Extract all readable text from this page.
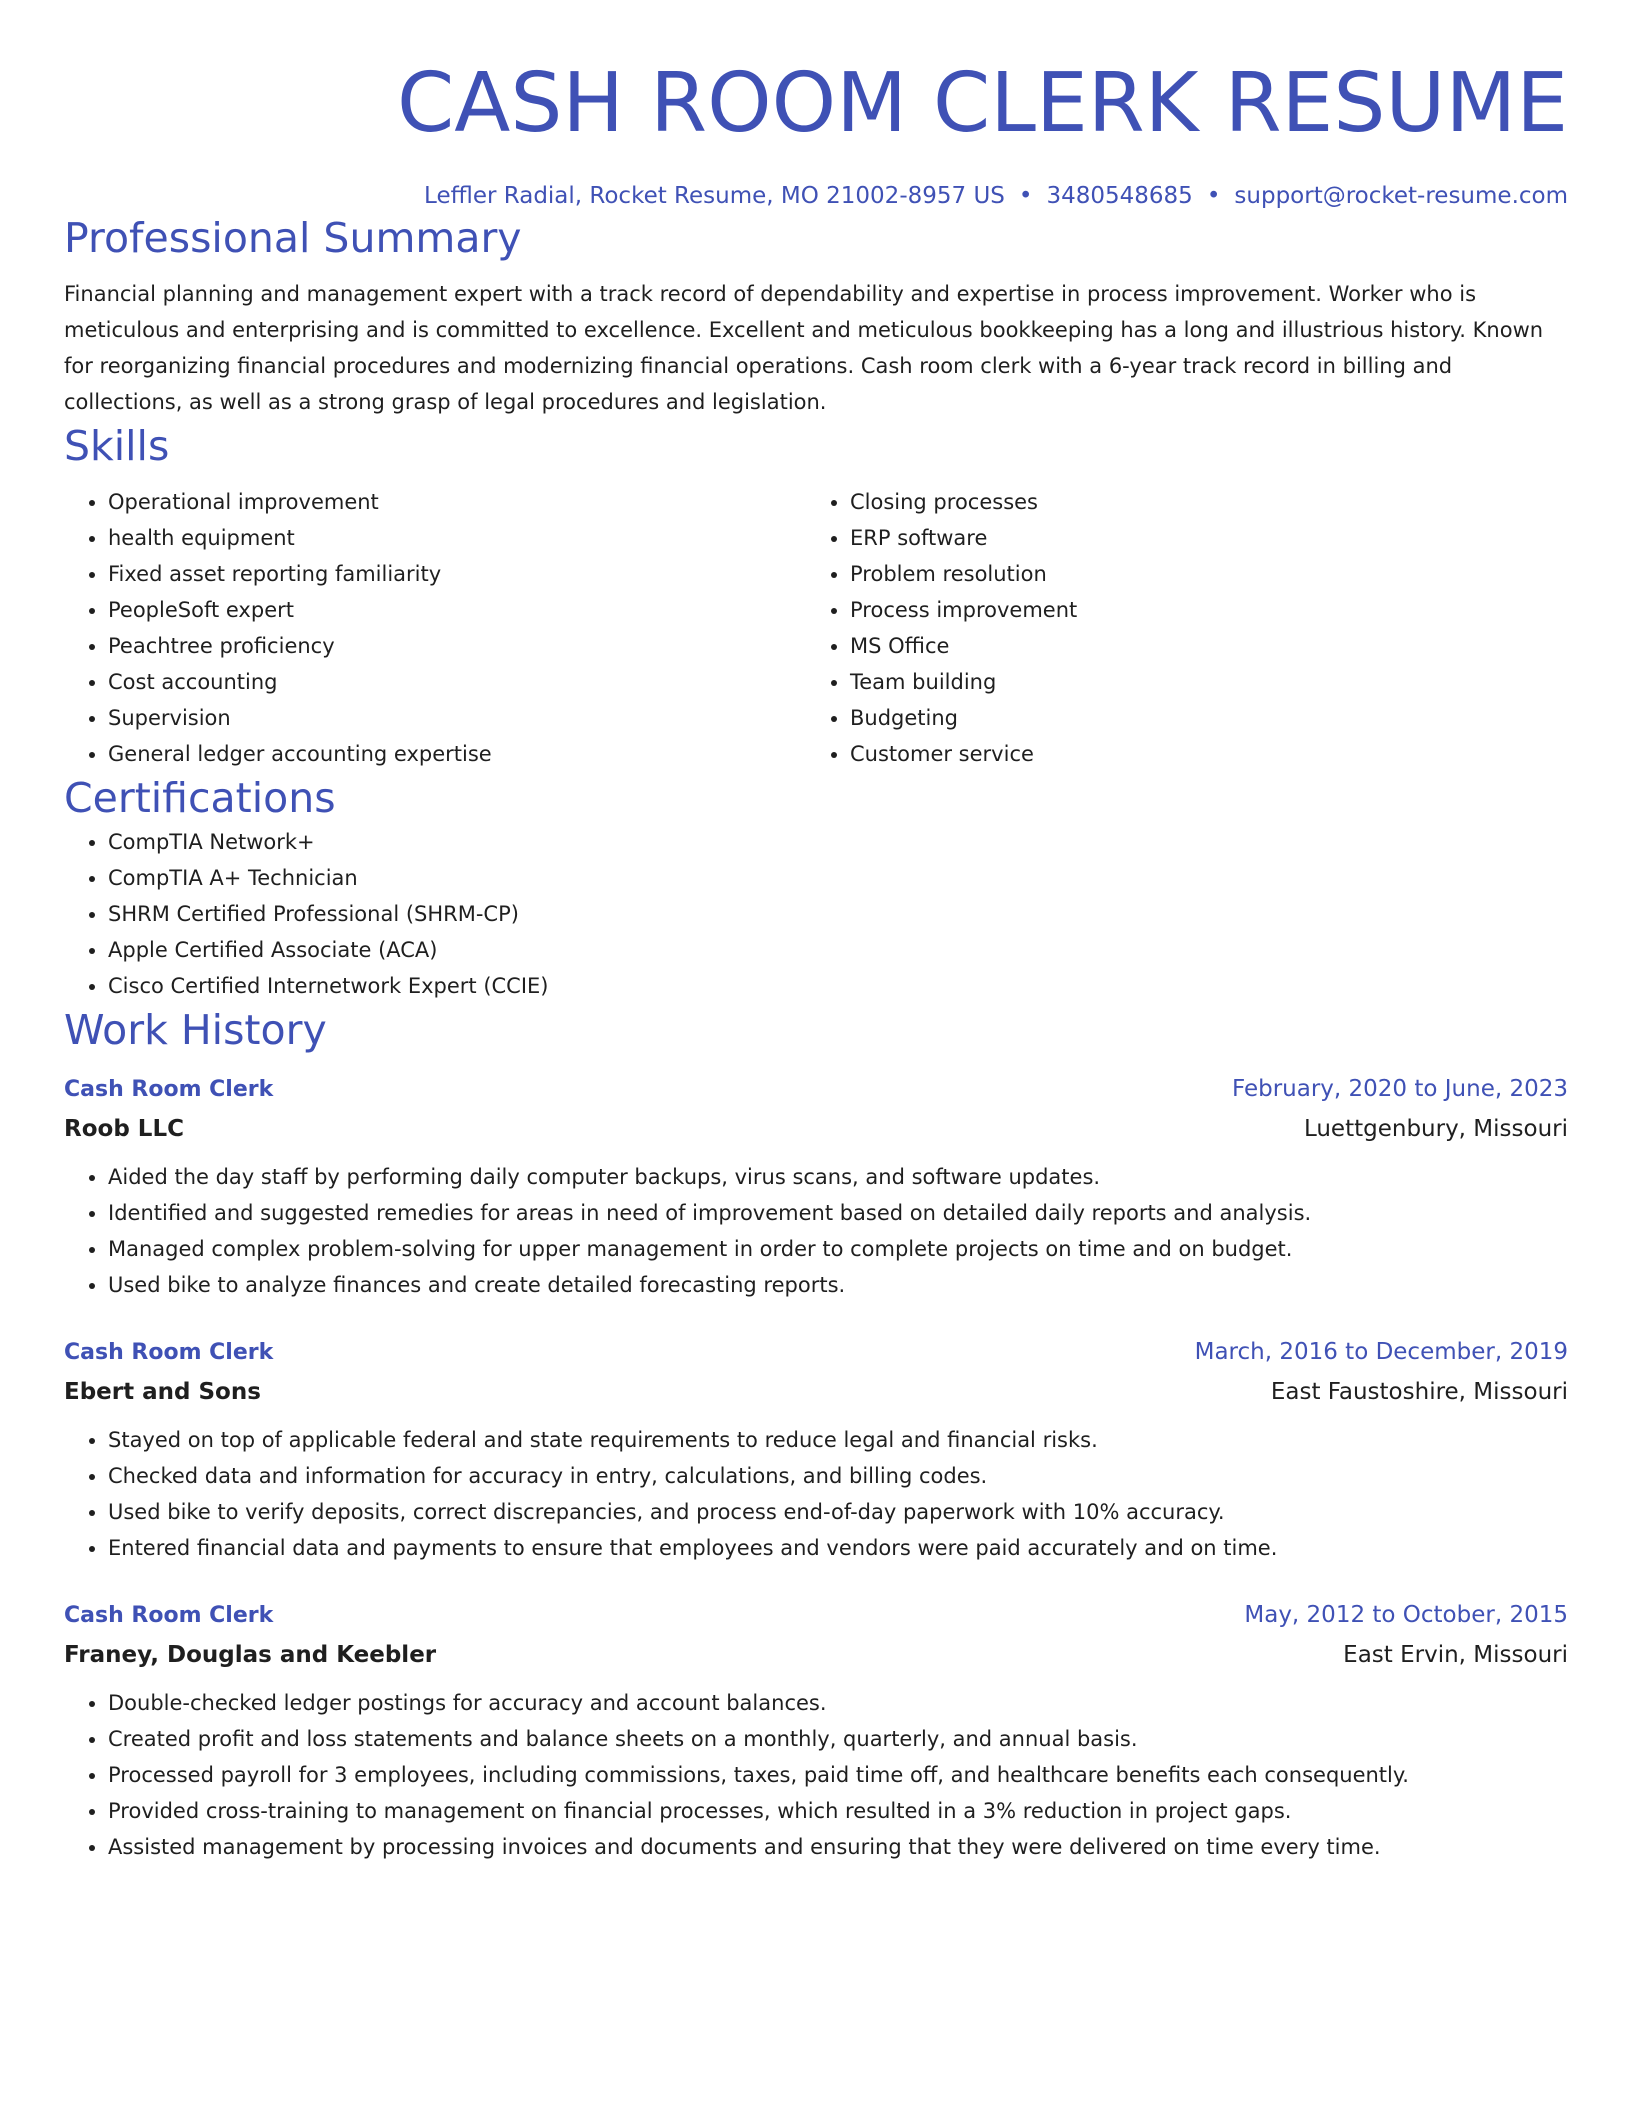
CASH ROOM CLERK RESUME
Leffler Radial, Rocket Resume, MO 21002-8957 US • 3480548685 • support@rocket-resume.com
Professional Summary
Financial planning and management expert with a track record of dependability and expertise in process improvement. Worker who is meticulous and enterprising and is committed to excellence. Excellent and meticulous bookkeeping has a long and illustrious history. Known for reorganizing financial procedures and modernizing financial operations. Cash room clerk with a 6-year track record in billing and collections, as well as a strong grasp of legal procedures and legislation.
Skills
• Operational improvement
• health equipment
• Fixed asset reporting familiarity
• PeopleSoft expert
• Peachtree proficiency
• Cost accounting
• Supervision
• General ledger accounting expertise
• Closing processes
• ERP software
• Problem resolution
• Process improvement
• MS Office
• Team building
• Budgeting
• Customer service
Certifications
• CompTIA Network+
• CompTIA A+ Technician
• SHRM Certified Professional (SHRM-CP)
• Apple Certified Associate (ACA)
• Cisco Certified Internetwork Expert (CCIE)
Work History
Cash Room Clerk	February, 2020 to June, 2023
Roob LLC	Luettgenbury, Missouri
• Aided the day staff by performing daily computer backups, virus scans, and software updates.
• Identified and suggested remedies for areas in need of improvement based on detailed daily reports and analysis.
• Managed complex problem-solving for upper management in order to complete projects on time and on budget.
• Used bike to analyze finances and create detailed forecasting reports.
Cash Room Clerk	March, 2016 to December, 2019
Ebert and Sons	East Faustoshire, Missouri
• Stayed on top of applicable federal and state requirements to reduce legal and financial risks.
• Checked data and information for accuracy in entry, calculations, and billing codes.
• Used bike to verify deposits, correct discrepancies, and process end-of-day paperwork with 10% accuracy.
• Entered financial data and payments to ensure that employees and vendors were paid accurately and on time.
Cash Room Clerk	May, 2012 to October, 2015
Franey, Douglas and Keebler	East Ervin, Missouri
• Double-checked ledger postings for accuracy and account balances.
• Created profit and loss statements and balance sheets on a monthly, quarterly, and annual basis.
• Processed payroll for 3 employees, including commissions, taxes, paid time off, and healthcare benefits each consequently.
• Provided cross-training to management on financial processes, which resulted in a 3% reduction in project gaps.
• Assisted management by processing invoices and documents and ensuring that they were delivered on time every time.
